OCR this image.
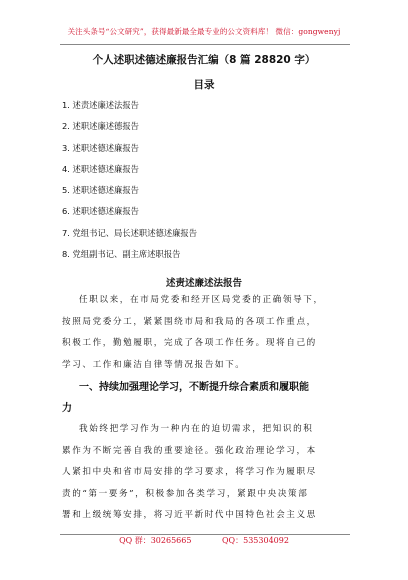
关注头条号“公文研究”，获得最新最全最专业的公文资料库！ 微信：gongwenyj
个人述职述德述廉报告汇编（8 篇 28820 字）
目录
1. 述责述廉述法报告
2. 述职述廉述德报告
3. 述职述德述廉报告
4. 述职述德述廉报告
5. 述职述德述廉报告
6. 述职述德述廉报告
7. 党组书记、局长述职述德述廉报告
8. 党组副书记、副主席述职报告
述责述廉述法报告

任职以来，在市局党委和经开区局党委的正确领导下，
按照局党委分工，紧紧围绕市局和我局的各项工作重点，
积极工作，勤勉履职，完成了各项工作任务。现将自己的
学习、工作和廉洁自律等情况报告如下。

一、持续加强理论学习，不断提升综合素质和履职能
力

我始终把学习作为一种内在的迫切需求，把知识的积
累作为不断完善自我的重要途径。强化政治理论学习，本
人紧扣中央和省市局安排的学习要求，将学习作为履职尽
责的“第一要务”，积极参加各类学习，紧跟中央决策部
署和上级统筹安排，将习近平新时代中国特色社会主义思

QQ 群：30265665	QQ：535304092
